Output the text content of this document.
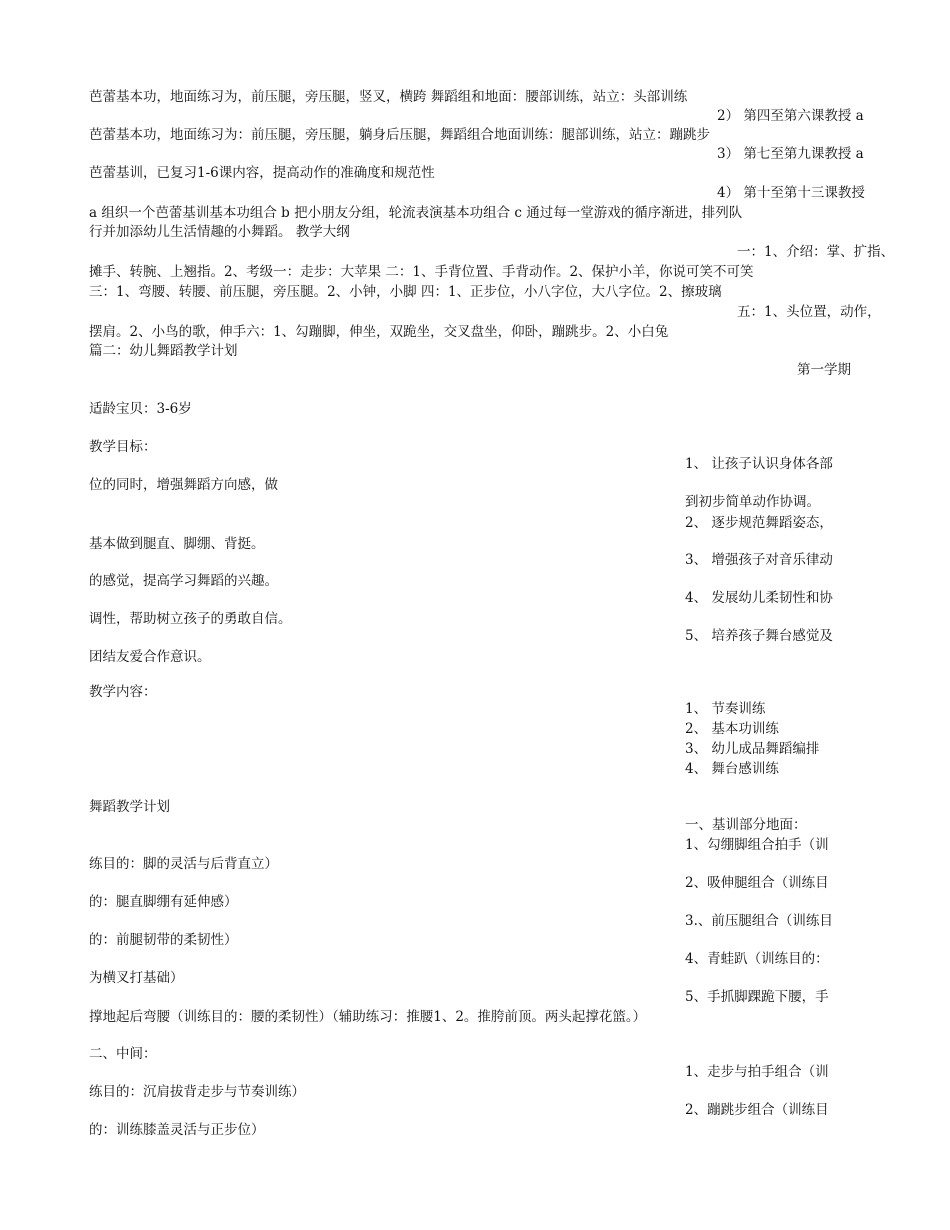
芭蕾基本功，地面练习为，前压腿，旁压腿，竖叉，横跨 舞蹈组和地面：腰部训练，站立：头部训练
2） 第四至第六课教授 a
芭蕾基本功，地面练习为：前压腿，旁压腿，躺身后压腿，舞蹈组合地面训练：腿部训练，站立：蹦跳步
3） 第七至第九课教授 a
芭蕾基训，已复习1-6课内容，提高动作的准确度和规范性
4） 第十至第十三课教授
a 组织一个芭蕾基训基本功组合 b 把小朋友分组，轮流表演基本功组合 c 通过每一堂游戏的循序渐进，排列队
行并加添幼儿生活情趣的小舞蹈。 教学大纲
一：1、介绍：掌、扩指、
摊手、转腕、上翘指。2、考级一：走步：大苹果 二：1、手背位置、手背动作。2、保护小羊，你说可笑不可笑
三：1、弯腰、转腰、前压腿，旁压腿。2、小钟，小脚 四：1、正步位，小八字位，大八字位。2、擦玻璃
五：1、头位置，动作，
摆肩。2、小鸟的歌，伸手六：1、勾蹦脚，伸坐，双跪坐，交叉盘坐，仰卧，蹦跳步。2、小白兔
篇二：幼儿舞蹈教学计划
第一学期
适龄宝贝：3-6岁
教学目标：
1、 让孩子认识身体各部
位的同时，增强舞蹈方向感，做
到初步简单动作协调。
2、 逐步规范舞蹈姿态，
基本做到腿直、脚绷、背挺。
3、 增强孩子对音乐律动
的感觉，提高学习舞蹈的兴趣。
4、 发展幼儿柔韧性和协
调性，帮助树立孩子的勇敢自信。
5、 培养孩子舞台感觉及
团结友爱合作意识。
教学内容：
1、 节奏训练
2、 基本功训练
3、 幼儿成品舞蹈编排
4、 舞台感训练
舞蹈教学计划
一、基训部分地面：
1、勾绷脚组合拍手（训
练目的：脚的灵活与后背直立）
2、吸伸腿组合（训练目
的：腿直脚绷有延伸感）
3.、前压腿组合（训练目
的：前腿韧带的柔韧性）
4、青蛙趴（训练目的：
为横叉打基础）
5、手抓脚踝跪下腰，手
撑地起后弯腰（训练目的：腰的柔韧性）（辅助练习：推腰1、2。推胯前顶。两头起撑花篮。）
二、中间：
1、走步与拍手组合（训
练目的：沉肩拔背走步与节奏训练）
2、蹦跳步组合（训练目
的：训练膝盖灵活与正步位）
